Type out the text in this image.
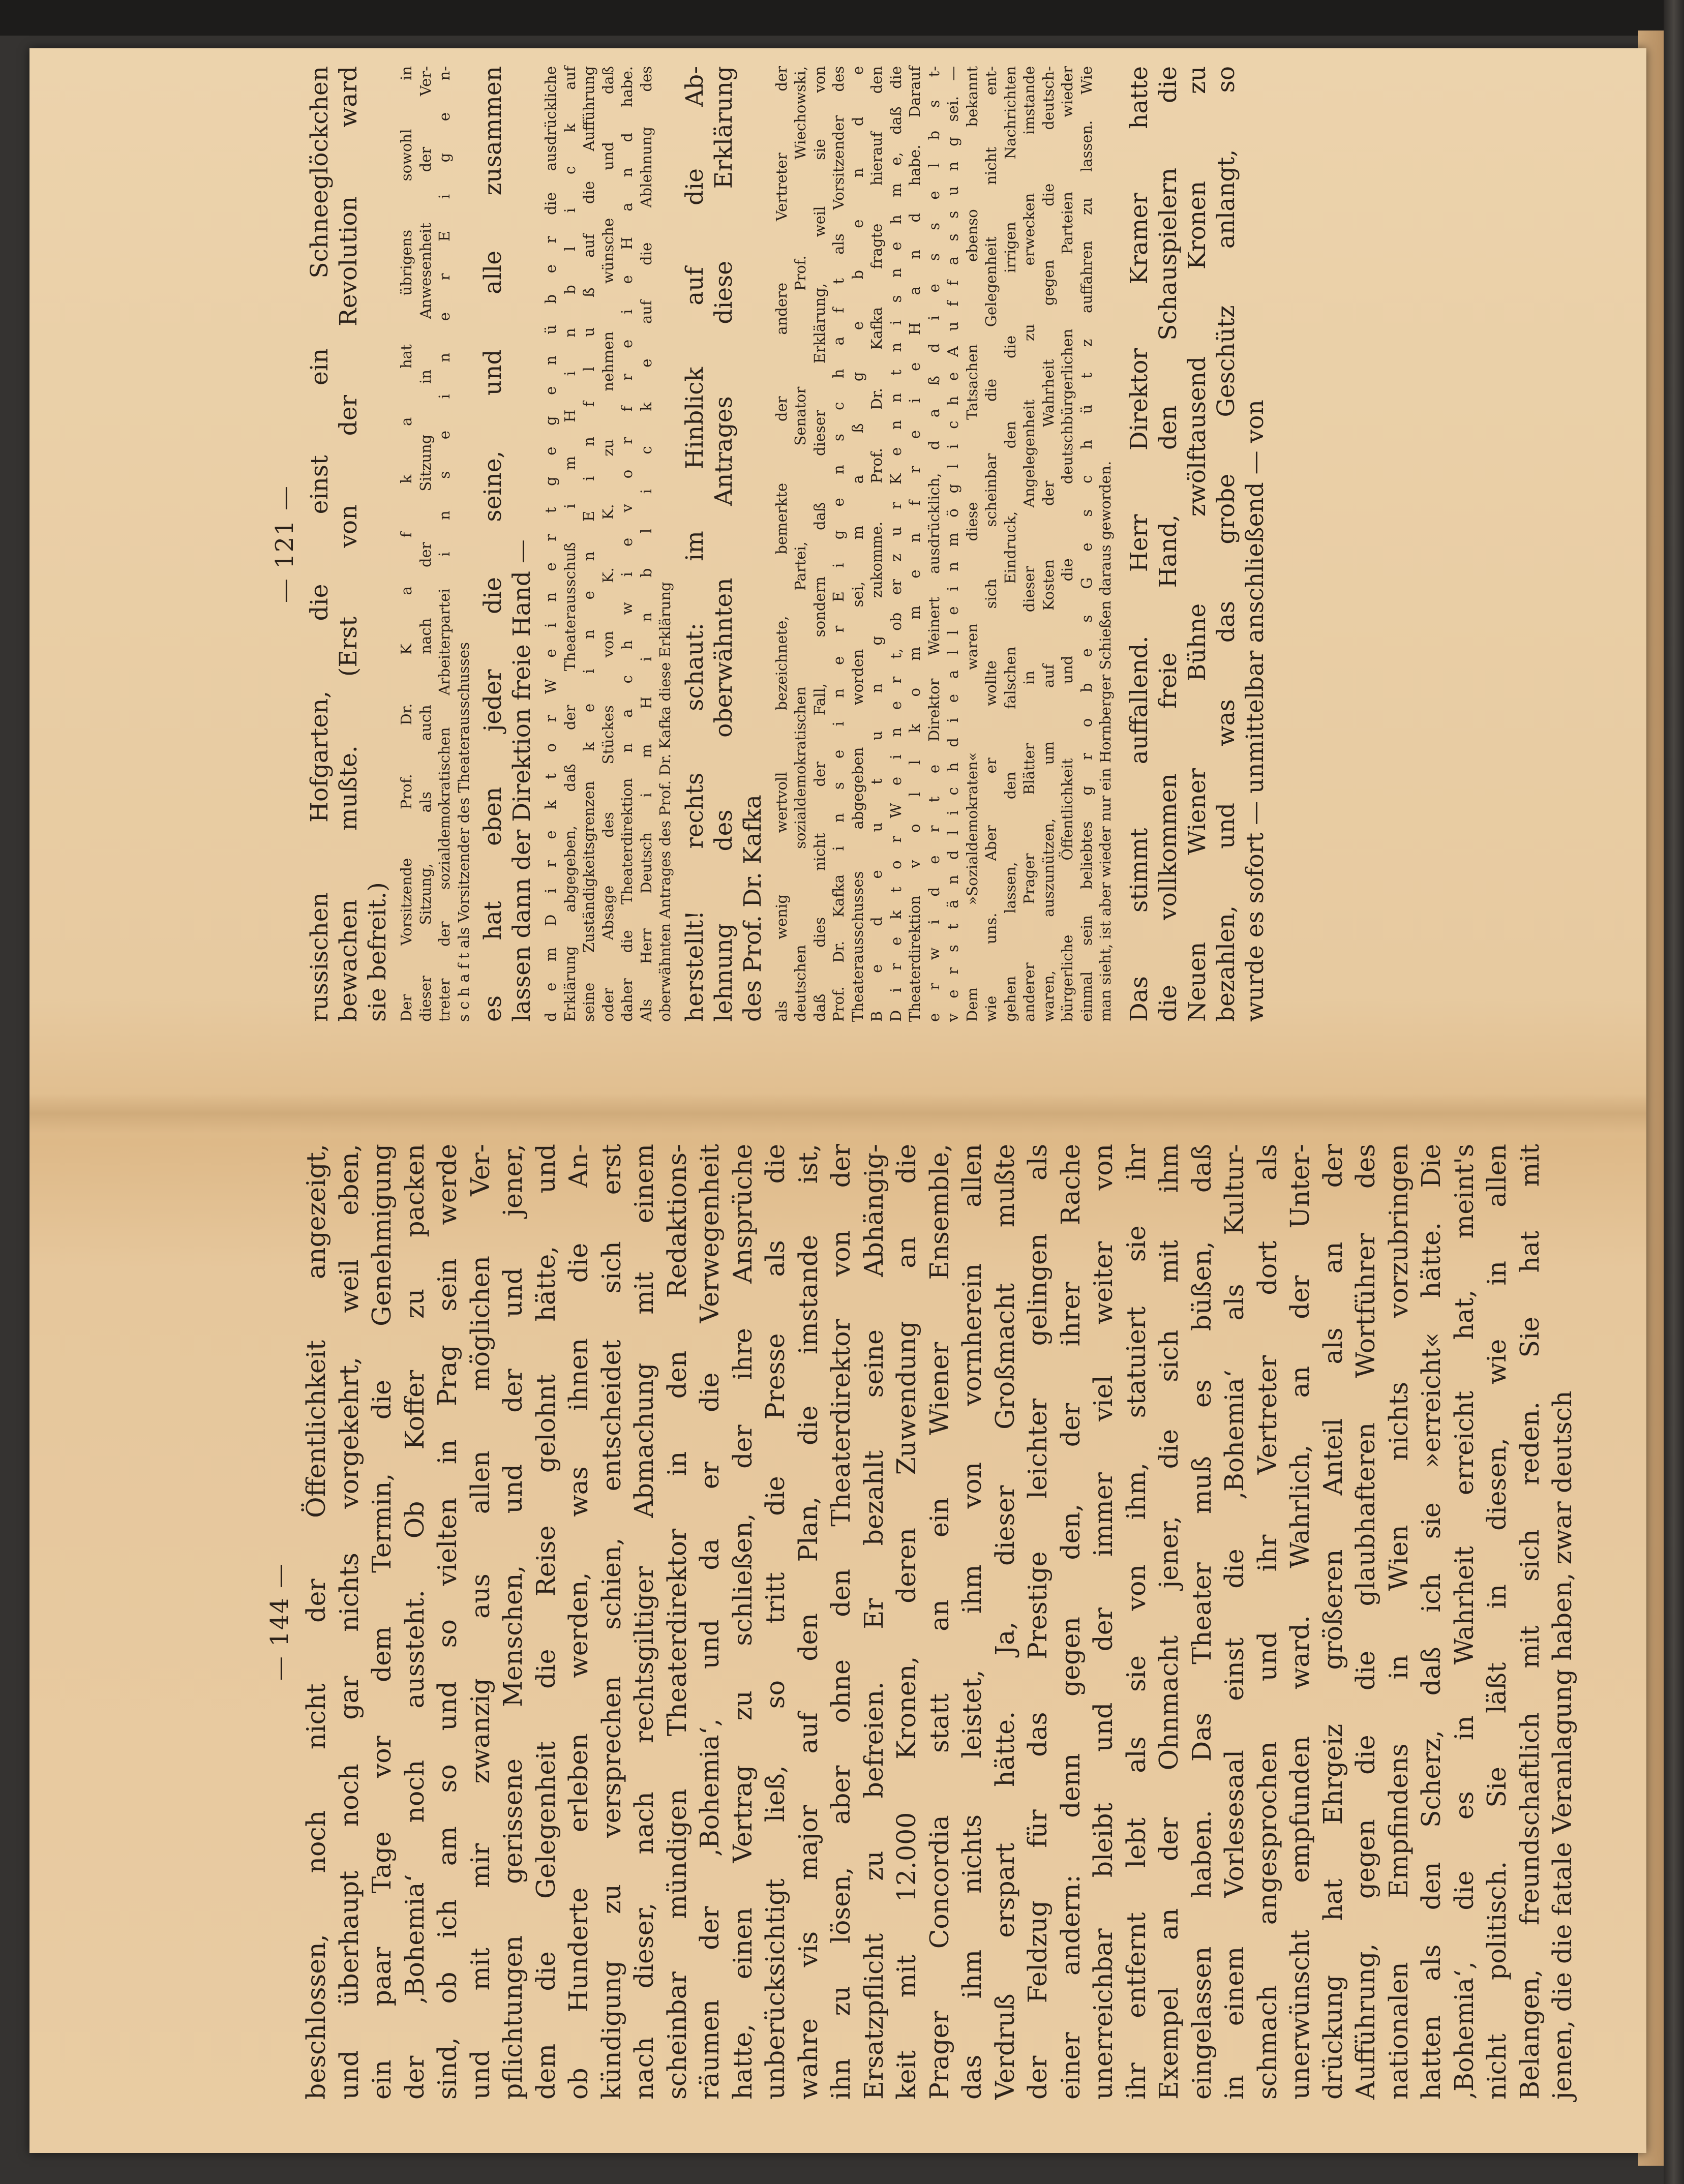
— 144 — beschlossen, noch nicht der Öffentlichkeit angezeigt, und überhaupt noch gar nichts vorgekehrt, weil eben, ein paar Tage vor dem Termin, die Genehmigung der ‚Bohemia‘ noch aussteht. Ob Koffer zu packen sind, ob ich am so und so vielten in Prag sein werde und mit mir zwanzig aus allen möglichen Ver- pflichtungen gerissene Menschen, und der und jener, dem die Gelegenheit die Reise gelohnt hätte, und ob Hunderte erleben werden, was ihnen die An- kündigung zu versprechen schien, entscheidet sich erst nach dieser, nach rechtsgiltiger Abmachung mit einem scheinbar mündigen Theaterdirektor in den Redaktions- räumen der ‚Bohemia‘, und da er die Verwegenheit hatte, einen Vertrag zu schließen, der ihre Ansprüche unberücksichtigt ließ, so tritt die Presse als die wahre vis major auf den Plan, die imstande ist, ihn zu lösen, aber ohne den Theaterdirektor von der Ersatzpflicht zu befreien. Er bezahlt seine Abhängig- keit mit 12.000 Kronen, deren Zuwendung an die Prager Concordia statt an ein Wiener Ensemble, das ihm nichts leistet, ihm von vornherein allen Verdruß erspart hätte. Ja, dieser Großmacht mußte der Feldzug für das Prestige leichter gelingen als einer andern: denn gegen den, der ihrer Rache unerreichbar bleibt und der immer viel weiter von ihr entfernt lebt als sie von ihm, statuiert sie ihr Exempel an der Ohnmacht jener, die sich mit ihm eingelassen haben. Das Theater muß es büßen, daß in einem Vorlesesaal einst die ‚Bohemia‘ als Kultur- schmach angesprochen und ihr Vertreter dort als unerwünscht empfunden ward. Wahrlich, an der Unter- drückung hat Ehrgeiz größeren Anteil als an der Aufführung, gegen die die glaubhafteren Wortführer des nationalen Empfindens in Wien nichts vorzubringen hatten als den Scherz, daß ich sie »erreicht« hätte. Die ‚Bohemia‘, die es in Wahrheit erreicht hat, meint's nicht politisch. Sie läßt in diesen, wie in allen Belangen, freundschaftlich mit sich reden. Sie hat mit jenen, die die fatale Veranlagung haben, zwar deutsch
— 121 — russischen Hofgarten, die einst ein Schneeglöckchen bewachen mußte. (Erst von der Revolution ward sie befreit.) Der Vorsitzende Prof. Dr. K a f k a hat übrigens sowohl in dieser Sitzung, als auch nach der Sitzung in Anwesenheit der Ver- treter der sozialdemokratischen Arbeiterpartei i n s e i n e r E i g e n- s c h a f t als Vorsitzender des Theaterausschusses es hat eben jeder die seine, und alle zusammen lassen dann der Direktion freie Hand — d e m D i r e k t o r W e i n e r t g e g e n ü b e r die ausdrückliche Erklärung abgegeben, daß der Theaterausschuß i m H i n b l i c k auf seine Zuständigkeitsgrenzen k e i n e n E i n f l u ß auf die Aufführung oder Absage des Stückes von K. K. zu nehmen wünsche und daß daher die Theaterdirektion n a c h w i e v o r f r e i e H a n d habe. Als Herr Deutsch i m H i n b l i c k e auf die Ablehnung des oberwähnten Antrages des Prof. Dr. Kafka diese Erklärung herstellt! rechts schaut: im Hinblick auf die Ab- lehnung des oberwähnten Antrages diese Erklärung des Prof. Dr. Kafka als wenig wertvoll bezeichnete, bemerkte der andere Vertreter der deutschen sozialdemokratischen Partei, Senator Prof. Wiechowski, daß dies nicht der Fall, sondern daß dieser Erklärung, weil sie von Prof. Dr. Kafka i n s e i n e r E i g e n s c h a f t als Vorsitzender des Theaterausschusses abgegeben worden sei, m a ß g e b e n d e B e d e u t u n g zukomme. Prof. Dr. Kafka fragte hierauf den D i r e k t o r W e i n e r t, ob er z u r K e n n t n i s n e h m e, daß die Theaterdirektion v o l l k o m m e n f r e i e H a n d habe. Darauf e r w i d e r t e Direktor Weinert ausdrücklich, d a ß d i e s s e l b s t- v e r s t ä n d l i c h d i e a l l e i n m ö g l i c h e A u f f a s s u n g sei. — Dem »Sozialdemokraten« waren diese Tatsachen ebenso bekannt wie uns. Aber er wollte sich scheinbar die Gelegenheit nicht ent- gehen lassen, den falschen Eindruck, den die irrigen Nachrichten anderer Prager Blätter in dieser Angelegenheit zu erwecken imstande waren, auszunützen, um auf Kosten der Wahrheit gegen die deutsch- bürgerliche Öffentlichkeit und die deutschbürgerlichen Parteien wieder einmal sein beliebtes g r o b e s G e s c h ü t z auffahren zu lassen. Wie man sieht, ist aber wieder nur ein Hornberger Schießen daraus geworden. Das stimmt auffallend. Herr Direktor Kramer hatte die vollkommen freie Hand, den Schauspielern die Neuen Wiener Bühne zwölftausend Kronen zu bezahlen, und was das grobe Geschütz anlangt, so wurde es sofort — unmittelbar anschließend — von
